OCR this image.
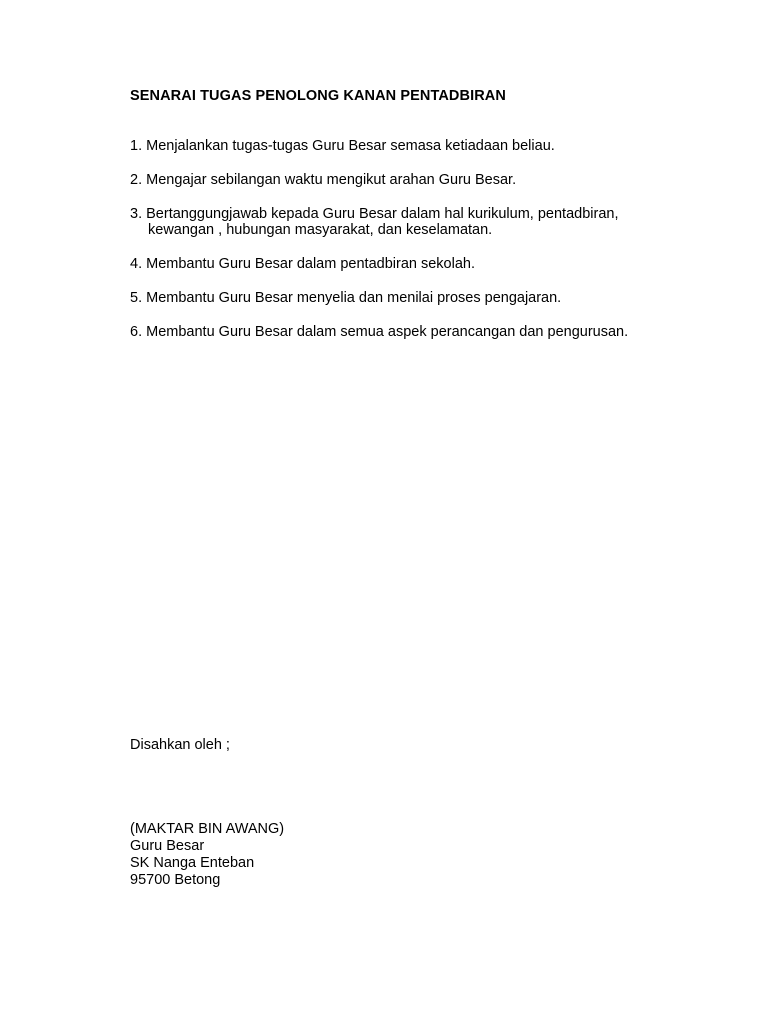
SENARAI TUGAS PENOLONG KANAN PENTADBIRAN
1. Menjalankan tugas-tugas Guru Besar semasa ketiadaan beliau.
2. Mengajar sebilangan waktu mengikut arahan Guru Besar.
3. Bertanggungjawab kepada Guru Besar dalam hal kurikulum, pentadbiran,
kewangan , hubungan masyarakat, dan keselamatan.
4. Membantu Guru Besar dalam pentadbiran sekolah.
5. Membantu Guru Besar menyelia dan menilai proses pengajaran.
6. Membantu Guru Besar dalam semua aspek perancangan dan pengurusan.
Disahkan oleh ;
(MAKTAR BIN AWANG)
Guru Besar
SK Nanga Enteban
95700 Betong
